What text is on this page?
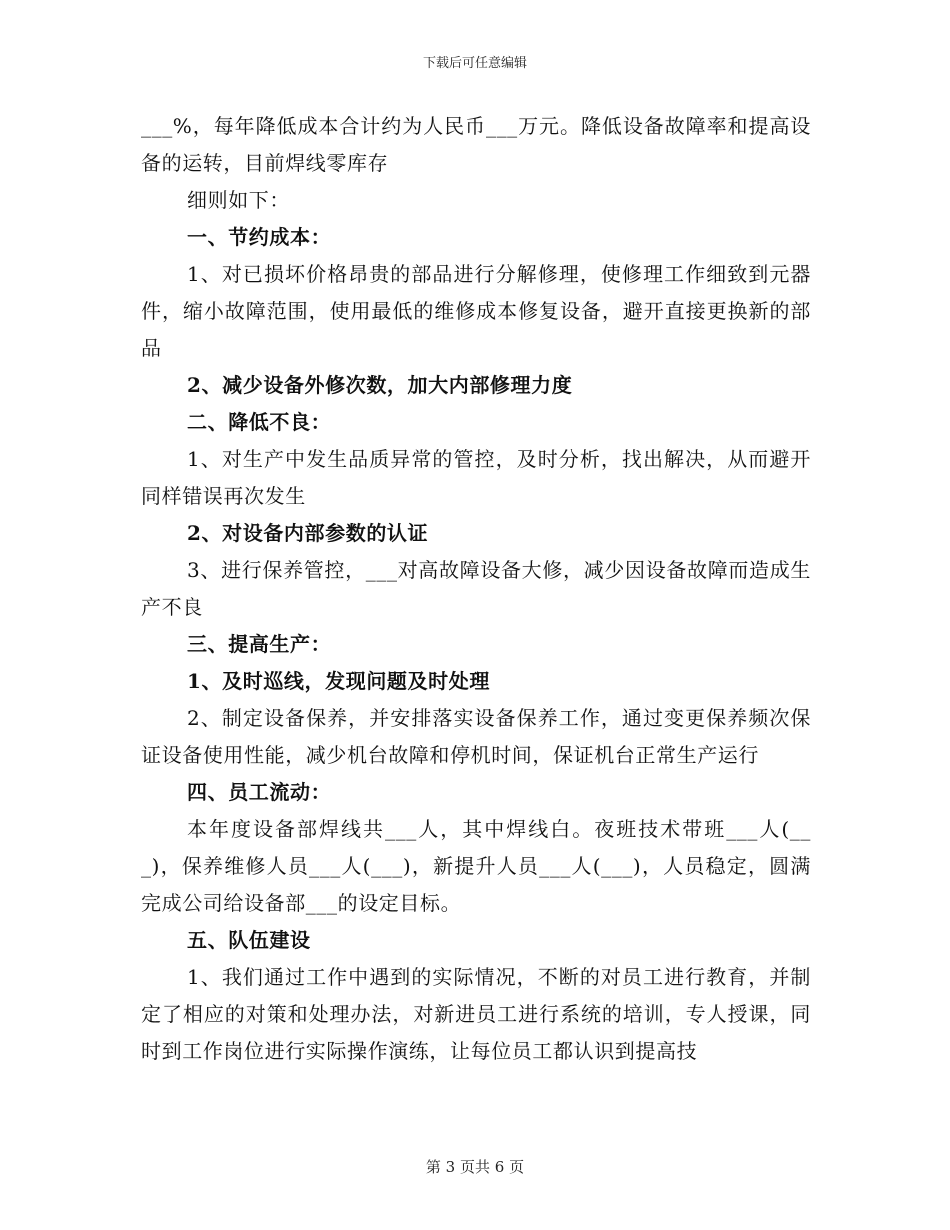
下载后可任意编辑

___%，每年降低成本合计约为人民币___万元。降低设备故障率和提高设备的运转，目前焊线零库存

细则如下：

一、节约成本：

1、对已损坏价格昂贵的部品进行分解修理，使修理工作细致到元器件，缩小故障范围，使用最低的维修成本修复设备，避开直接更换新的部品

2、减少设备外修次数，加大内部修理力度

二、降低不良：

1、对生产中发生品质异常的管控，及时分析，找出解决，从而避开同样错误再次发生

2、对设备内部参数的认证

3、进行保养管控，___对高故障设备大修，减少因设备故障而造成生产不良

三、提高生产：

1、及时巡线，发现问题及时处理

2、制定设备保养，并安排落实设备保养工作，通过变更保养频次保证设备使用性能，减少机台故障和停机时间，保证机台正常生产运行

四、员工流动：

本年度设备部焊线共___人，其中焊线白。夜班技术带班___人(___)，保养维修人员___人(___)，新提升人员___人(___)，人员稳定，圆满完成公司给设备部___的设定目标。

五、队伍建设

1、我们通过工作中遇到的实际情况，不断的对员工进行教育，并制定了相应的对策和处理办法，对新进员工进行系统的培训，专人授课，同时到工作岗位进行实际操作演练，让每位员工都认识到提高技

第 3 页共 6 页
